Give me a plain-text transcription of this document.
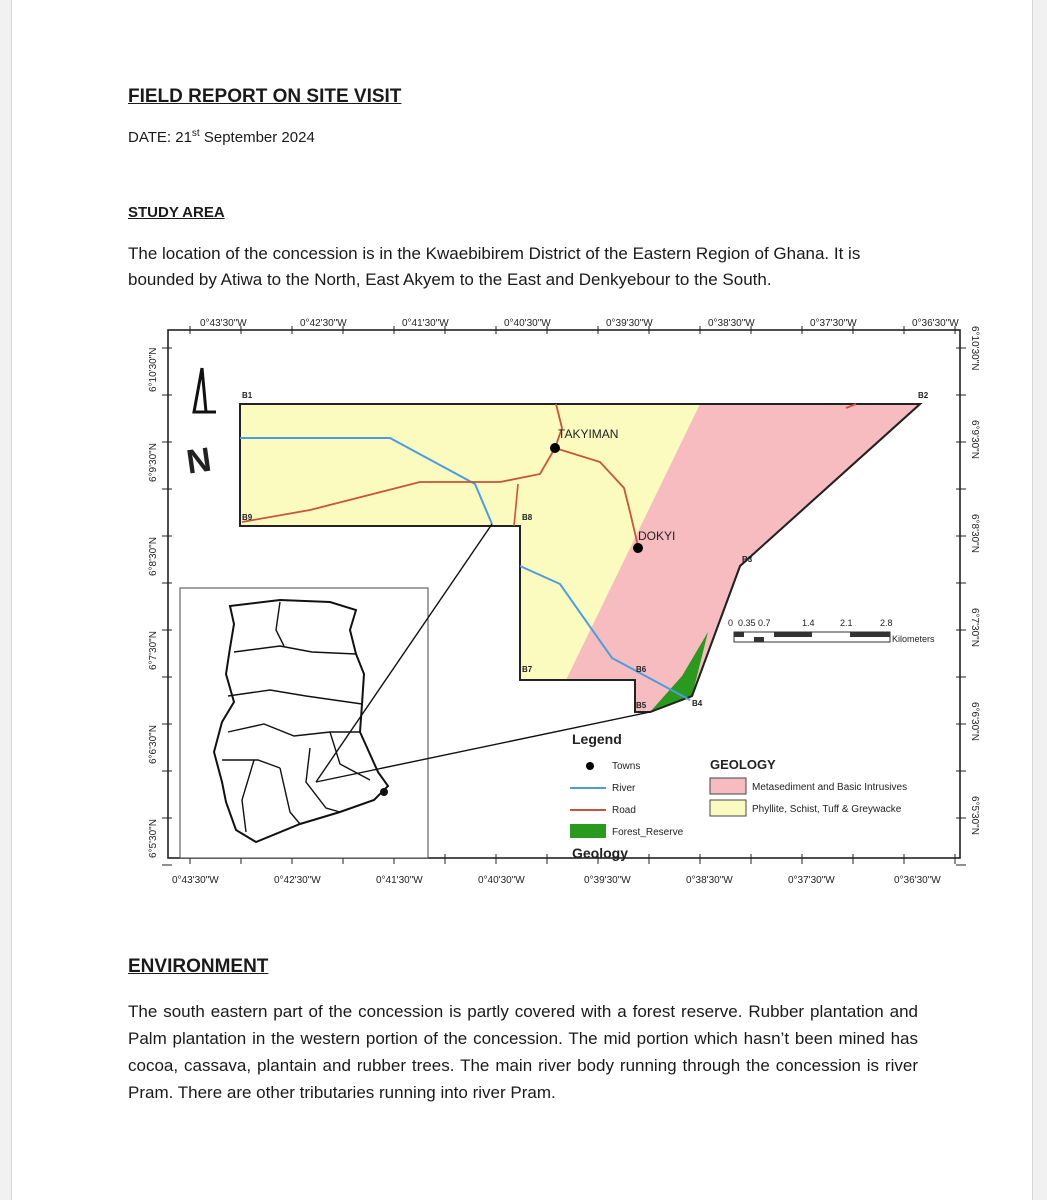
FIELD REPORT ON SITE VISIT
DATE: 21st September 2024
STUDY AREA
The location of the concession is in the Kwaebibirem District of the Eastern Region of Ghana. It is bounded by Atiwa to the North, East Akyem to the East and Denkyebour to the South.
0°43'30"W	0°42'30"W	0°41'30"W	0°40'30"W	0°39'30"W	0°38'30"W	0°37'30"W	0°36'30"W
0°43'30"W	0°42'30"W	0°41'30"W	0°40'30"W	0°39'30"W	0°38'30"W	0°37'30"W	0°36'30"W
6°10'30"N
6°9'30"N
6°8'30"N
6°7'30"N
6°6'30"N
6°5'30"N
6°10'30"N
6°9'30"N
6°8'30"N
6°7'30"N
6°6'30"N
6°5'30"N
N
TAKYIMAN
DOKYI
B1	B2
B3
B4
B5
B6
B7
B8
B9
0 0.35 0.7	1.4	2.1	2.8
Kilometers
Legend
Towns
River
Road
Forest_Reserve
Geology
GEOLOGY
Metasediment and Basic Intrusives
Phyllite, Schist, Tuff & Greywacke
ENVIRONMENT
The south eastern part of the concession is partly covered with a forest reserve. Rubber plantation and Palm plantation in the western portion of the concession. The mid portion which hasn’t been mined has cocoa, cassava, plantain and rubber trees. The main river body running through the concession is river Pram. There are other tributaries running into river Pram.
